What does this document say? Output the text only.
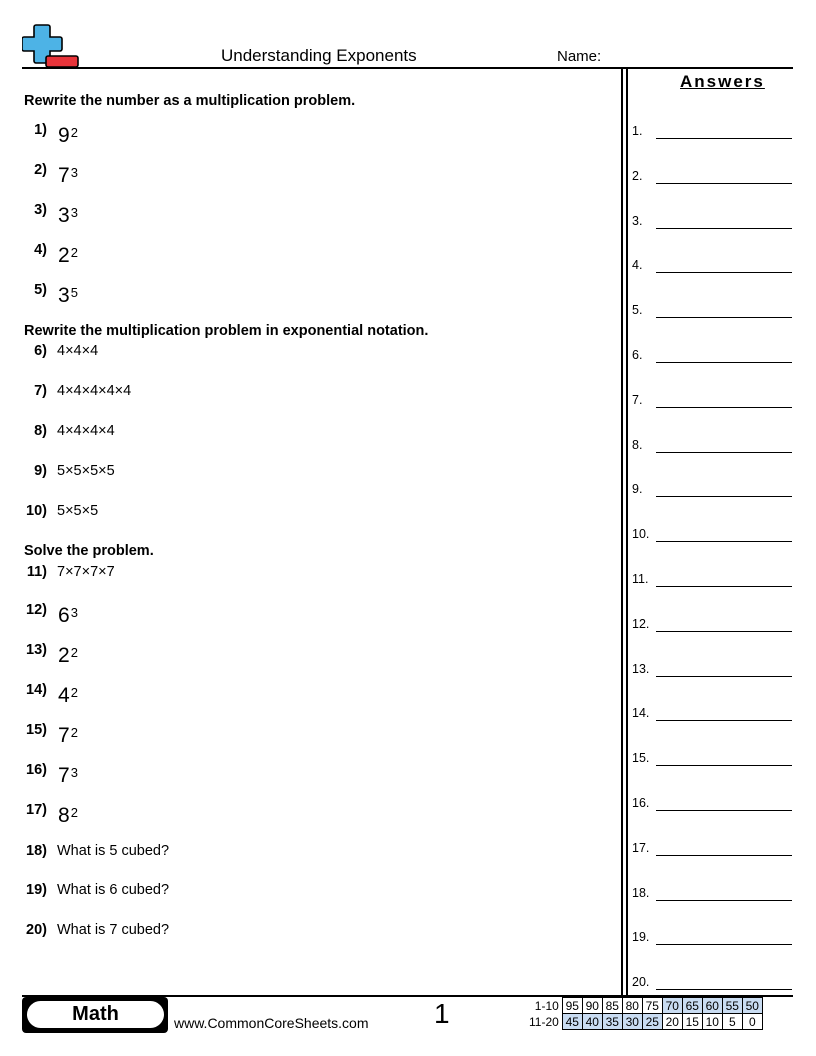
Understanding Exponents	Name:
Answers
Rewrite the number as a multiplication problem.
Rewrite the multiplication problem in exponential notation.
Solve the problem.
1) $9^2$
2) $7^3$
3) $3^3$
4) $2^2$
5) $3^5$
6) 4×4×4
7) 4×4×4×4×4
8) 4×4×4×4
9) 5×5×5×5
10) 5×5×5
11) 7×7×7×7
12) $6^3$
13) $2^2$
14) $4^2$
15) $7^2$
16) $7^3$
17) $8^2$
18) What is 5 cubed?
19) What is 6 cubed?
20) What is 7 cubed?
1.
2.
3.
4.
5.
6.
7.
8.
9.
10.
11.
12.
13.
14.
15.
16.
17.
18.
19.
20.
Math	www.CommonCoreSheets.com 1	1-10	95	90	85	80	75	70	65	60	55	50
11-20	45	40	35	30	25	20	15	10	5	0
